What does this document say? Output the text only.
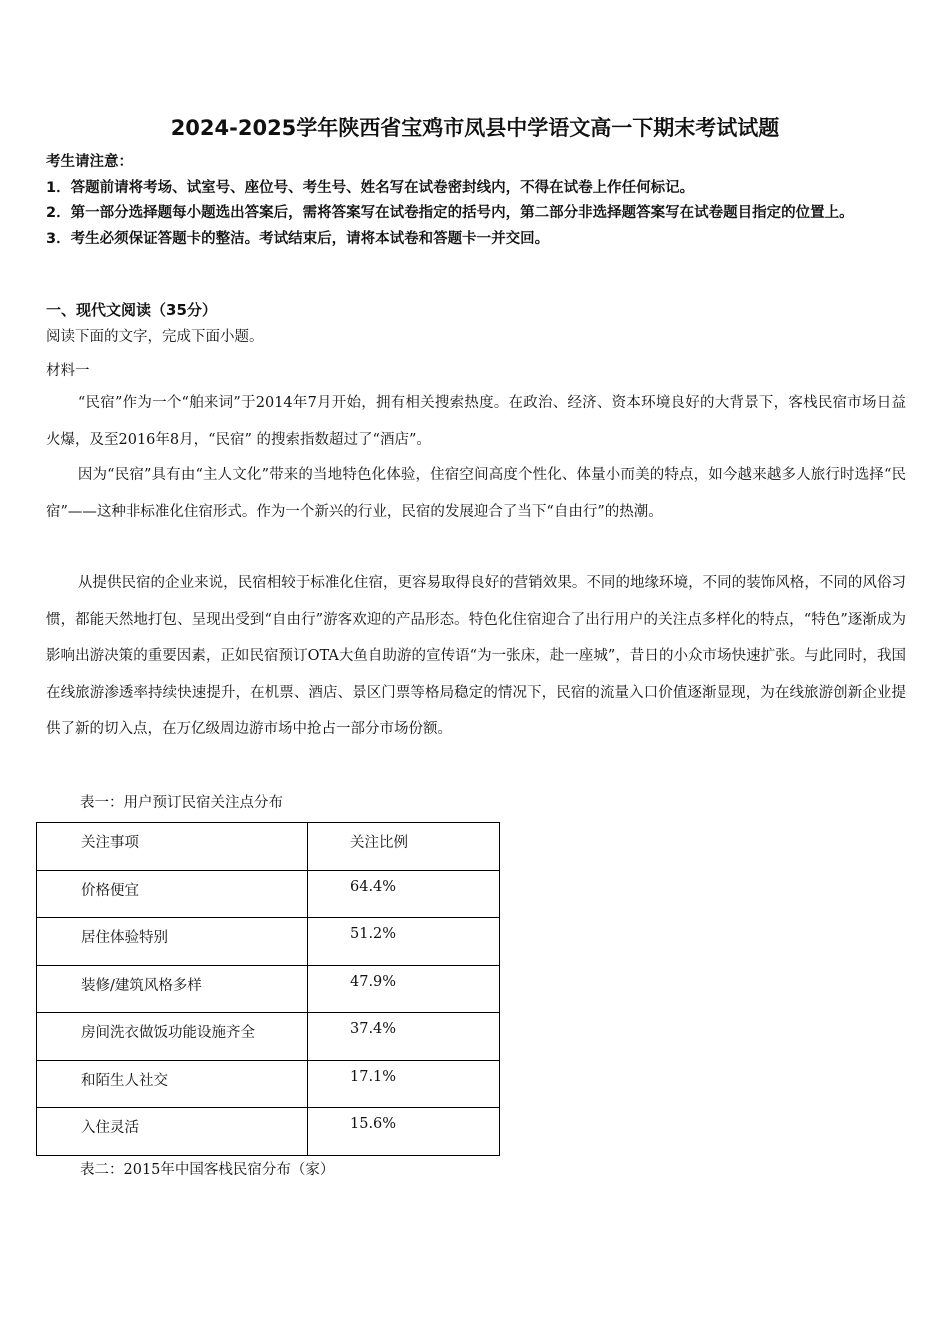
2024-2025学年陕西省宝鸡市凤县中学语文高一下期末考试试题

考生请注意：

1．答题前请将考场、试室号、座位号、考生号、姓名写在试卷密封线内，不得在试卷上作任何标记。

2．第一部分选择题每小题选出答案后，需将答案写在试卷指定的括号内，第二部分非选择题答案写在试卷题目指定的位置上。

3．考生必须保证答题卡的整洁。考试结束后，请将本试卷和答题卡一并交回。

一、现代文阅读（35分）
阅读下面的文字，完成下面小题。
材料一

“民宿”作为一个“舶来词”于2014年7月开始，拥有相关搜索热度。在政治、经济、资本环境良好的大背景下，客栈民宿市场日益火爆，及至2016年8月，“民宿” 的搜索指数超过了“酒店”。

因为“民宿”具有由“主人文化”带来的当地特色化体验，住宿空间高度个性化、体量小而美的特点，如今越来越多人旅行时选择“民宿”——这种非标准化住宿形式。作为一个新兴的行业，民宿的发展迎合了当下“自由行”的热潮。

从提供民宿的企业来说，民宿相较于标准化住宿，更容易取得良好的营销效果。不同的地缘环境，不同的装饰风格，不同的风俗习惯，都能天然地打包、呈现出受到“自由行”游客欢迎的产品形态。特色化住宿迎合了出行用户的关注点多样化的特点，“特色”逐渐成为影响出游决策的重要因素，正如民宿预订OTA大鱼自助游的宣传语“为一张床，赴一座城”，昔日的小众市场快速扩张。与此同时，我国在线旅游渗透率持续快速提升，在机票、酒店、景区门票等格局稳定的情况下，民宿的流量入口价值逐渐显现，为在线旅游创新企业提供了新的切入点，在万亿级周边游市场中抢占一部分市场份额。

表一：用户预订民宿关注点分布
关注事项	关注比例

价格便宜	64.4%

居住体验特别	51.2%

装修/建筑风格多样	47.9%

房间洗衣做饭功能设施齐全	37.4%

和陌生人社交	17.1%

入住灵活	15.6%
表二：2015年中国客栈民宿分布（家）
